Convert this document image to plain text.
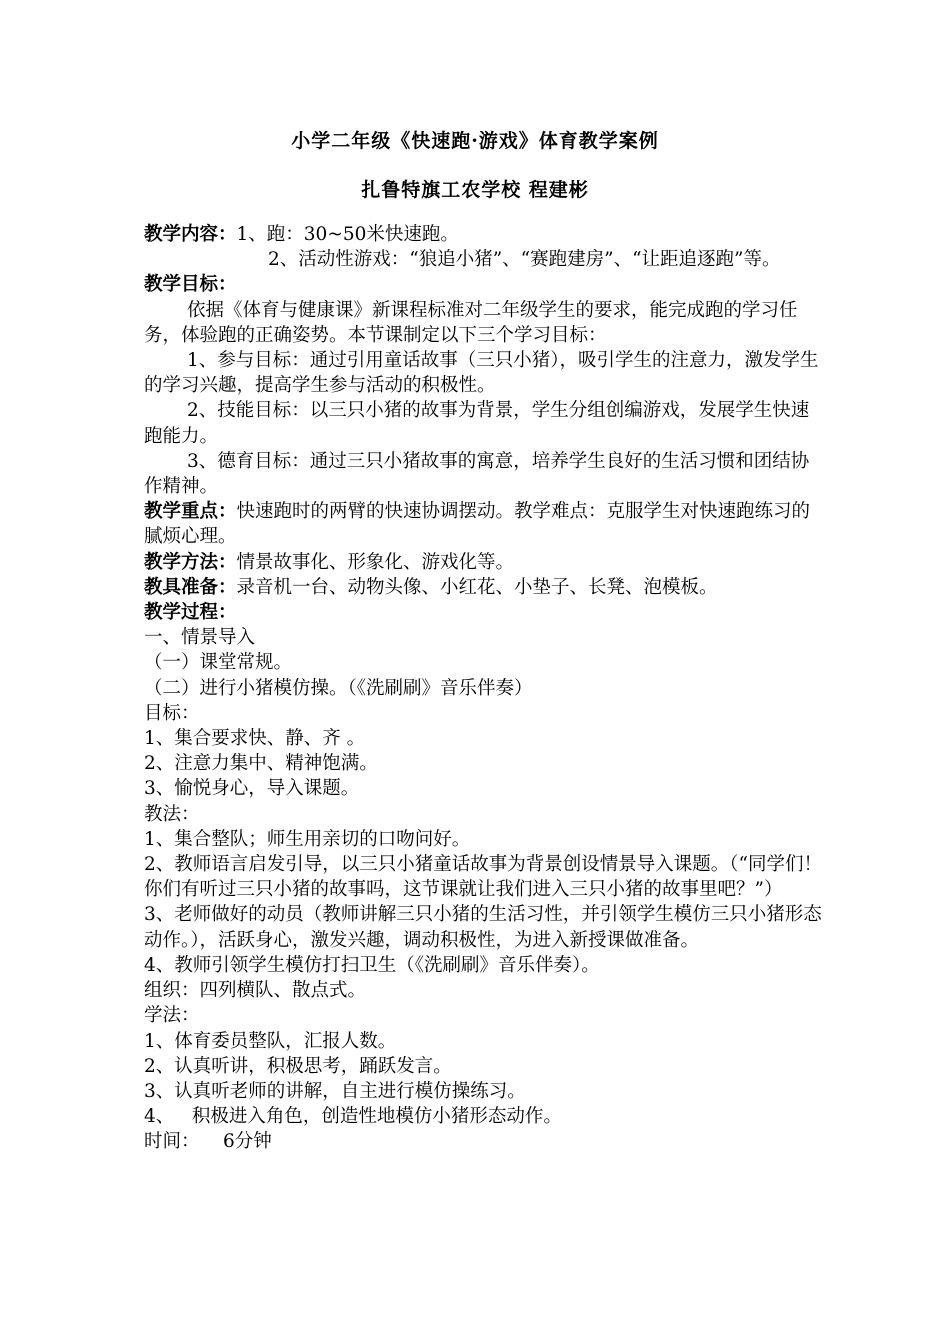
小学二年级《快速跑·游戏》体育教学案例
扎鲁特旗工农学校 程建彬

教学内容：1、跑：30~50米快速跑。

2、活动性游戏：“狼追小猪”、“赛跑建房”、“让距追逐跑”等。

教学目标：

依据《体育与健康课》新课程标准对二年级学生的要求，能完成跑的学习任务，体验跑的正确姿势。本节课制定以下三个学习目标：

1、参与目标：通过引用童话故事（三只小猪），吸引学生的注意力，激发学生的学习兴趣，提高学生参与活动的积极性。

2、技能目标：以三只小猪的故事为背景，学生分组创编游戏，发展学生快速跑能力。

3、德育目标：通过三只小猪故事的寓意，培养学生良好的生活习惯和团结协作精神。

教学重点：快速跑时的两臂的快速协调摆动。教学难点：克服学生对快速跑练习的腻烦心理。

教学方法：情景故事化、形象化、游戏化等。

教具准备：录音机一台、动物头像、小红花、小垫子、长凳、泡模板。

教学过程：

一、情景导入

（一）课堂常规。

（二）进行小猪模仿操。（《洗刷刷》音乐伴奏）

目标：

1、集合要求快、静、齐 。

2、注意力集中、精神饱满。

3、愉悦身心，导入课题。

教法：

1、集合整队；师生用亲切的口吻问好。

2、教师语言启发引导，以三只小猪童话故事为背景创设情景导入课题。（“同学们！你们有听过三只小猪的故事吗，这节课就让我们进入三只小猪的故事里吧？”）

3、老师做好的动员（教师讲解三只小猪的生活习性，并引领学生模仿三只小猪形态动作。），活跃身心，激发兴趣，调动积极性，为进入新授课做准备。

4、教师引领学生模仿打扫卫生（《洗刷刷》音乐伴奏）。

组织：四列横队、散点式。

学法：

1、体育委员整队，汇报人数。

2、认真听讲，积极思考，踊跃发言。

3、认真听老师的讲解，自主进行模仿操练习。

4、   积极进入角色，创造性地模仿小猪形态动作。

时间：    6分钟
